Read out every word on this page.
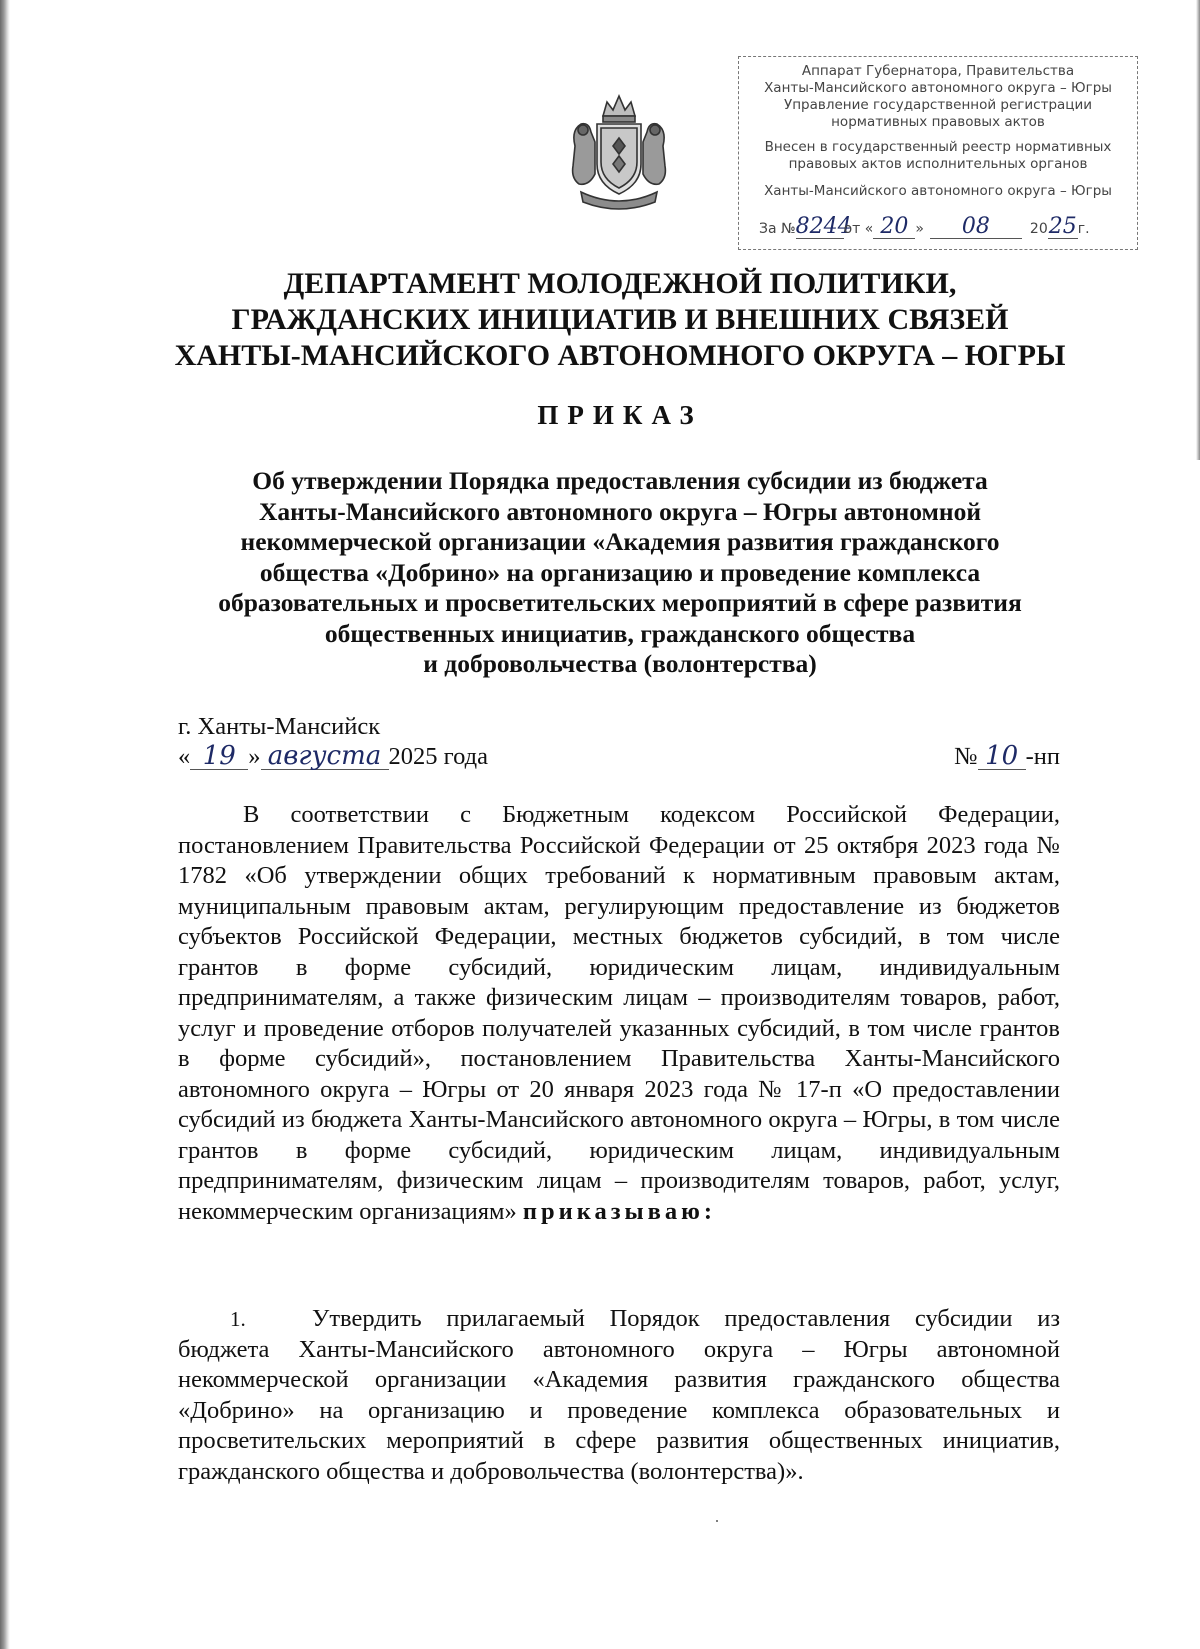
Аппарат Губернатора, Правительства
Ханты-Мансийского автономного округа – Югры
Управление государственной регистрации
нормативных правовых актов
Внесен в государственный реестр нормативных
правовых актов исполнительных органов
Ханты-Мансийского автономного округа – Югры
За №8244от « 20 » 08	2025г.
ДЕПАРТАМЕНТ МОЛОДЕЖНОЙ ПОЛИТИКИ,
ГРАЖДАНСКИХ ИНИЦИАТИВ И ВНЕШНИХ СВЯЗЕЙ
ХАНТЫ-МАНСИЙСКОГО АВТОНОМНОГО ОКРУГА – ЮГРЫ
ПРИКАЗ
Об утверждении Порядка предоставления субсидии из бюджета
Ханты-Мансийского автономного округа – Югры автономной
некоммерческой организации «Академия развития гражданского
общества «Добрино» на организацию и проведение комплекса
образовательных и просветительских мероприятий в сфере развития
общественных инициатив, гражданского общества
и добровольчества (волонтерства)
г. Ханты-Мансийск
« 19 » августа 2025 года	№ 10 -нп

В соответствии с Бюджетным кодексом Российской Федерации, постановлением Правительства Российской Федерации от 25 октября 2023 года № 1782 «Об утверждении общих требований к нормативным правовым актам, муниципальным правовым актам, регулирующим предоставление из бюджетов субъектов Российской Федерации, местных бюджетов субсидий, в том числе грантов в форме субсидий, юридическим лицам, индивидуальным предпринимателям, а также физическим лицам – производителям товаров, работ, услуг и проведение отборов получателей указанных субсидий, в том числе грантов в форме субсидий», постановлением Правительства Ханты-Мансийского автономного округа – Югры от 20 января 2023 года № 17-п «О предоставлении субсидий из бюджета Ханты-Мансийского автономного округа – Югры, в том числе грантов в форме субсидий, юридическим лицам, индивидуальным предпринимателям, физическим лицам – производителям товаров, работ, услуг, некоммерческим организациям» приказываю:

1.	Утвердить прилагаемый Порядок предоставления субсидии из бюджета Ханты-Мансийского автономного округа – Югры автономной некоммерческой организации «Академия развития гражданского общества «Добрино» на организацию и проведение комплекса образовательных и просветительских мероприятий в сфере развития общественных инициатив, гражданского общества и добровольчества (волонтерства)».
